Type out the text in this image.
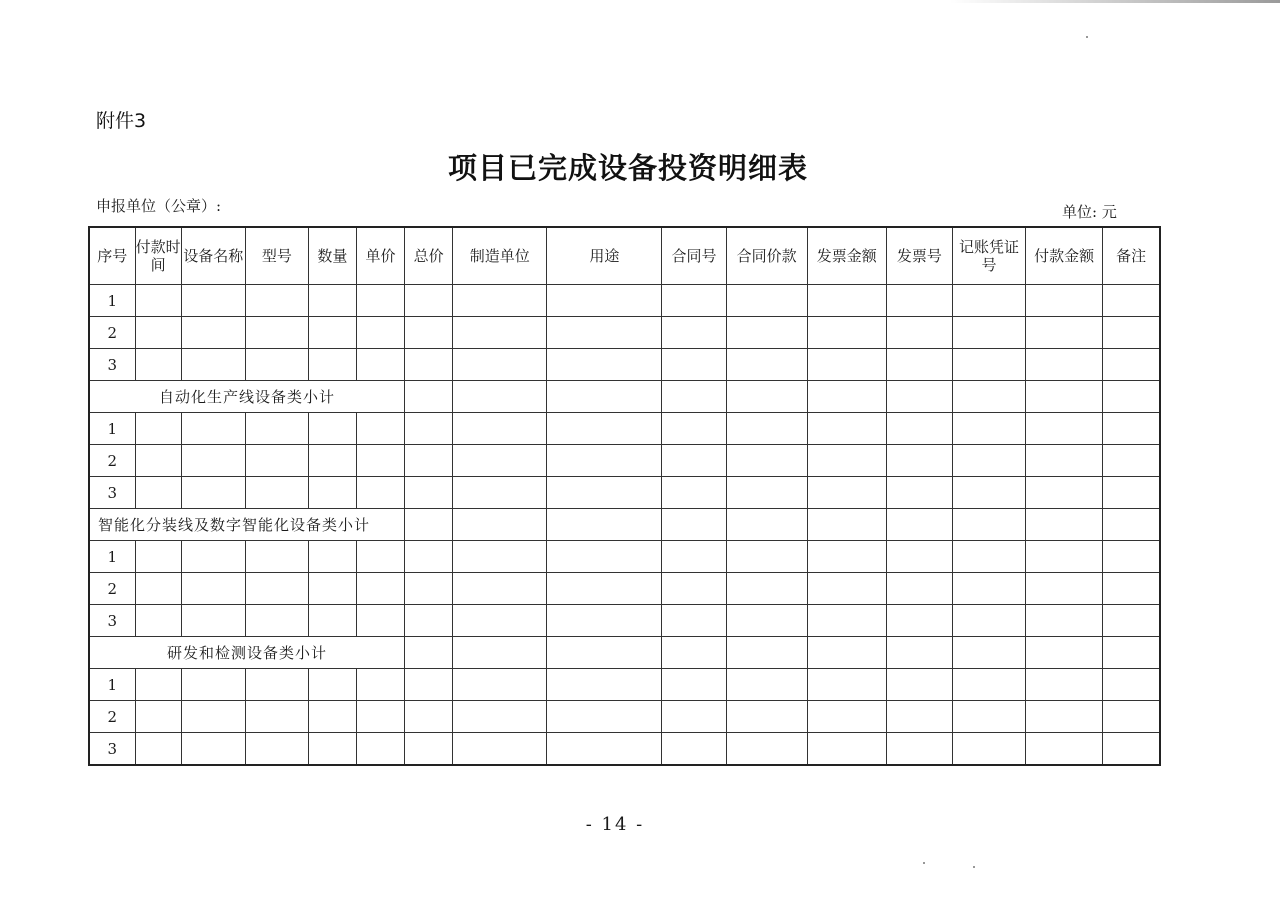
附件3
项目已完成设备投资明细表
申报单位（公章）:	单位: 元
序号	付款时间	设备名称	型号	数量	单价	总价	制造单位	用途	合同号	合同价款	发票金额	发票号	记账凭证号	付款金额	备注
1															
2															
3															
自动化生产线设备类小计															
1															
2															
3															
智能化分装线及数字智能化设备类小计															
1															
2															
3															
研发和检测设备类小计															
1															
2															
3															
- 14 -
